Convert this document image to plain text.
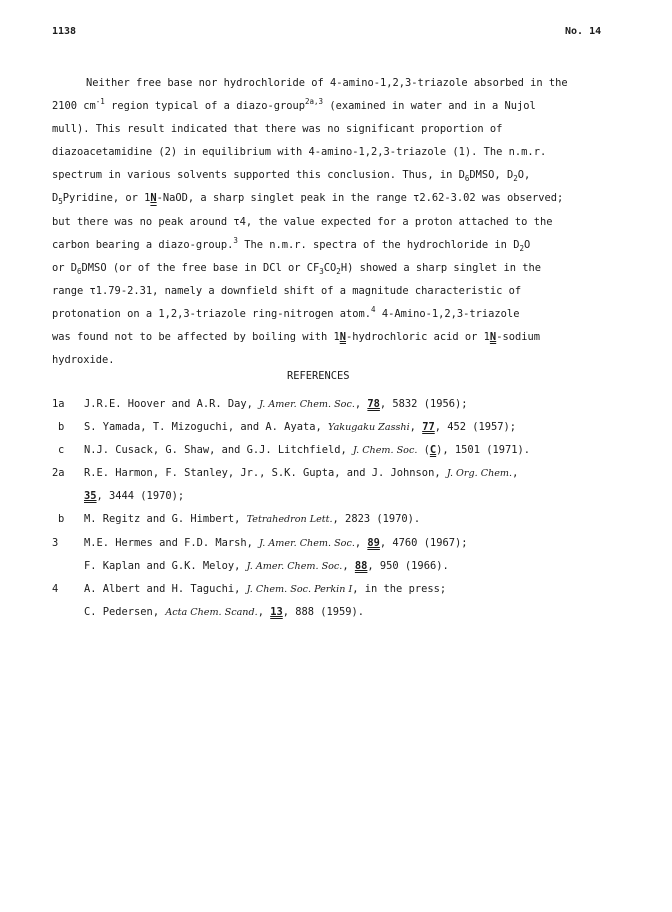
1138	No. 14
Neither free base nor hydrochloride of 4-amino-1,2,3-triazole absorbed in the
2100 $cm^{-1}$ region typical of a diazo-group$^{2a,3}$ (examined in water and in a Nujol
mull). This result indicated that there was no significant proportion of
diazoacetamidine (2) in equilibrium with 4-amino-1,2,3-triazole (1). The n.m.r.
spectrum in various solvents supported this conclusion. Thus, in $D_6DMSO$, $D_2O$,
$D_5Pyridine$, or 1N-NaOD, a sharp singlet peak in the range τ2.62-3.02 was observed;
but there was no peak around τ4, the value expected for a proton attached to the
carbon bearing a diazo-group.$^3$ The n.m.r. spectra of the hydrochloride in $D_2O$
or $D_6DMSO$ (or of the free base in DCl or $CF_3CO_2H$) showed a sharp singlet in the
range τ1.79-2.31, namely a downfield shift of a magnitude characteristic of
protonation on a 1,2,3-triazole ring-nitrogen atom.$^4$ 4-Amino-1,2,3-triazole
was found not to be affected by boiling with 1N-hydrochloric acid or 1N-sodium
hydroxide.
REFERENCES
1a	J.R.E. Hoover and A.R. Day, J. Amer. Chem. Soc., 78, 5832 (1956);
b	S. Yamada, T. Mizoguchi, and A. Ayata, Yakugaku Zasshi, 77, 452 (1957);
c	N.J. Cusack, G. Shaw, and G.J. Litchfield, J. Chem. Soc. (C), 1501 (1971).
2a	R.E. Harmon, F. Stanley, Jr., S.K. Gupta, and J. Johnson, J. Org. Chem.,
35, 3444 (1970);
b	M. Regitz and G. Himbert, Tetrahedron Lett., 2823 (1970).
3	M.E. Hermes and F.D. Marsh, J. Amer. Chem. Soc., 89, 4760 (1967);
F. Kaplan and G.K. Meloy, J. Amer. Chem. Soc., 88, 950 (1966).
4	A. Albert and H. Taguchi, J. Chem. Soc. Perkin I, in the press;
C. Pedersen, Acta Chem. Scand., 13, 888 (1959).
